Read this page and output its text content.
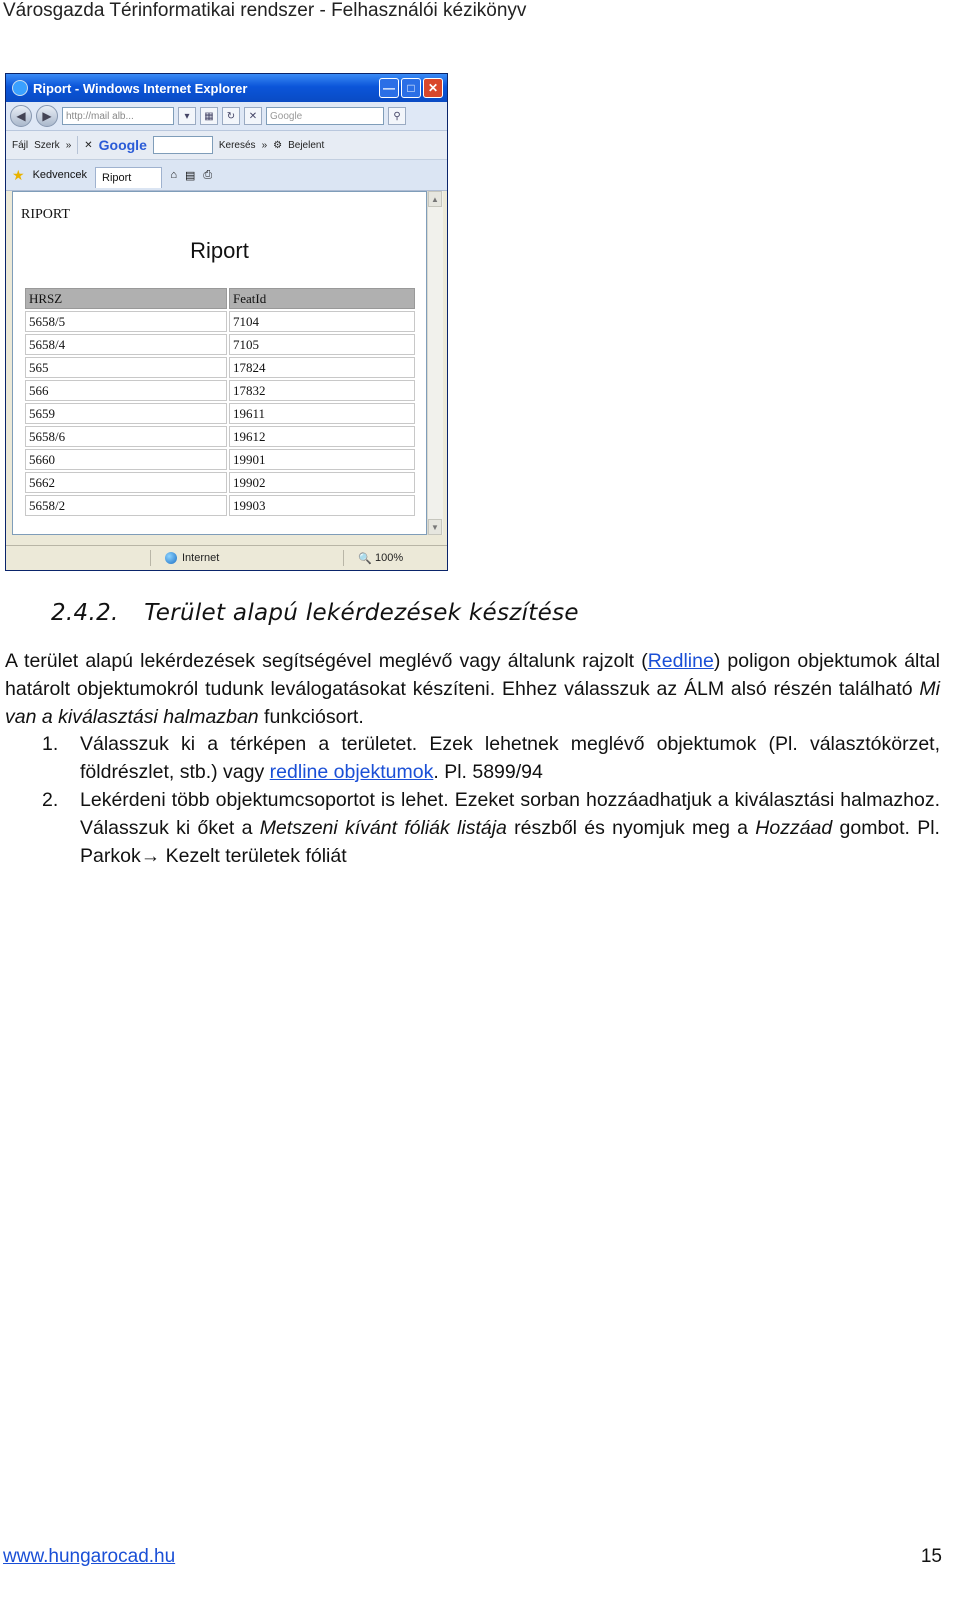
Városgazda Térinformatikai rendszer - Felhasználói kézikönyv
Riport - Windows Internet Explorer	—	□	✕
◀	▶	http://mail alb...	▾	▦	↻	✕	Google	⚲
Fájl Szerk » ✕ Google	Keresés » ⚙ Bejelent
★ Kedvencek	Riport	⌂ ▤ ⎙
RIPORT
Riport
HRSZ	FeatId
5658/5	7104
5658/4	7105
565	17824
566	17832
5659	19611
5658/6	19612
5660	19901
5662	19902
5658/2	19903
▲
▼
Internet	🔍 100%
2.4.2. Terület alapú lekérdezések készítése
A terület alapú lekérdezések segítségével meglévő vagy általunk rajzolt (Redline) poligon objektumok által határolt objektumokról tudunk leválogatásokat készíteni. Ehhez válasszuk az ÁLM alsó részén található Mi van a kiválasztási halmazban funkciósort.
1.	Válasszuk ki a térképen a területet. Ezek lehetnek meglévő objektumok (Pl. választókörzet, földrészlet, stb.) vagy redline objektumok. Pl. 5899/94
2.	Lekérdeni több objektumcsoportot is lehet. Ezeket sorban hozzáadhatjuk a kiválasztási halmazhoz. Válasszuk ki őket a Metszeni kívánt fóliák listája részből és nyomjuk meg a Hozzáad gombot. Pl. Parkok→ Kezelt területek fóliát
www.hungarocad.hu	15
